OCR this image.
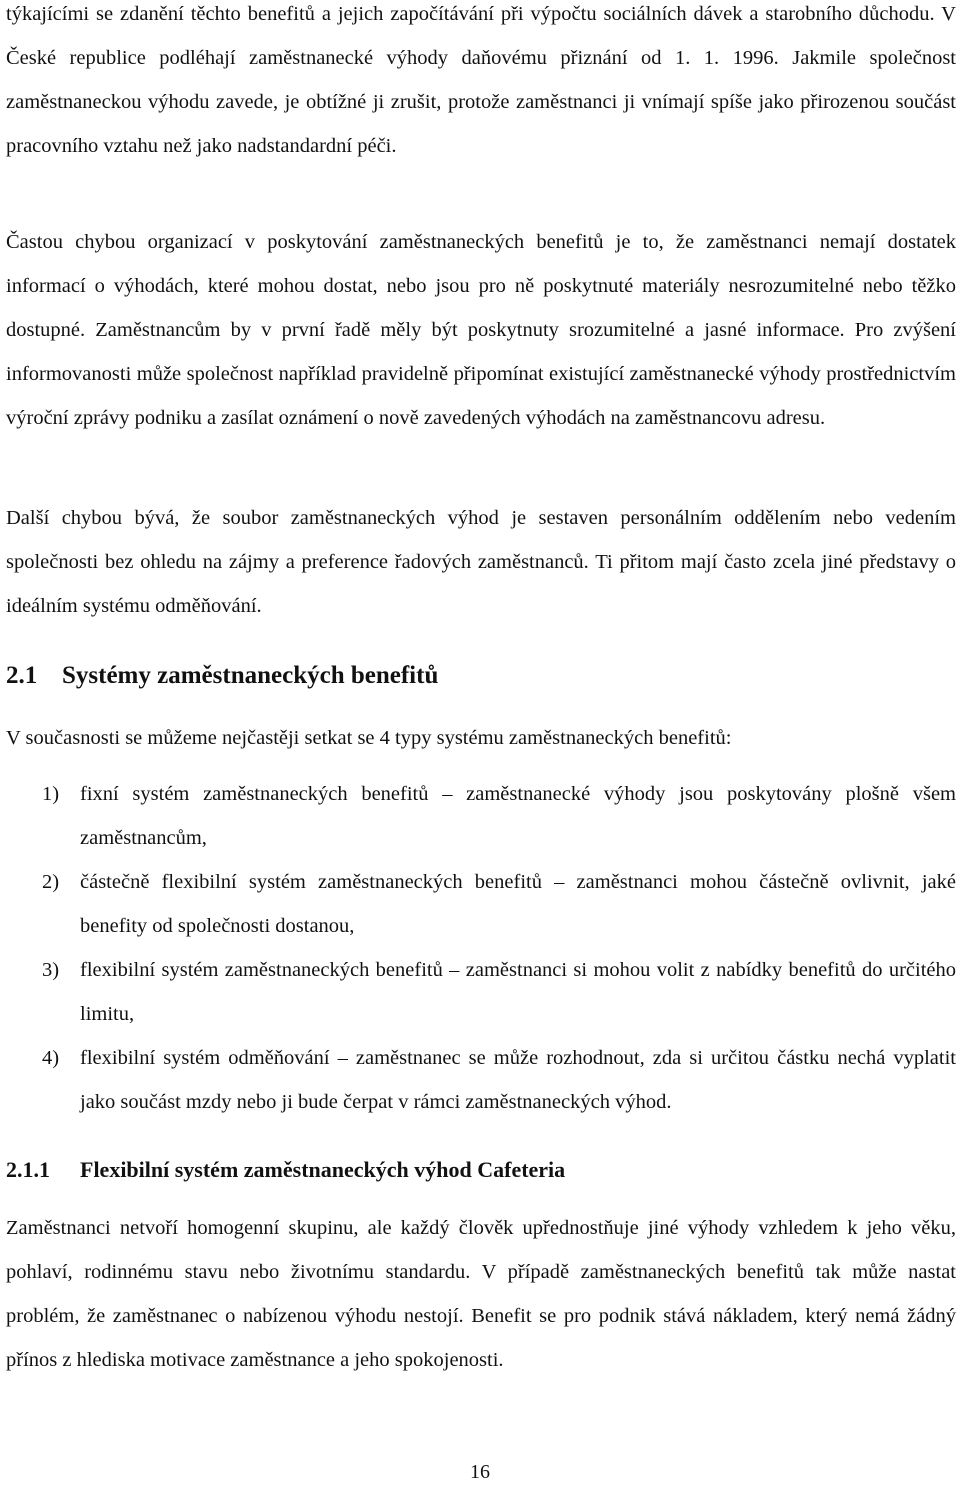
týkajícími se zdanění těchto benefitů a jejich započítávání při výpočtu sociálních dávek a starobního důchodu. V České republice podléhají zaměstnanecké výhody daňovému přiznání od 1. 1. 1996. Jakmile společnost zaměstnaneckou výhodu zavede, je obtížné ji zrušit, protože zaměstnanci ji vnímají spíše jako přirozenou součást pracovního vztahu než jako nadstandardní péči.

Častou chybou organizací v poskytování zaměstnaneckých benefitů je to, že zaměstnanci nemají dostatek informací o výhodách, které mohou dostat, nebo jsou pro ně poskytnuté materiály nesrozumitelné nebo těžko dostupné. Zaměstnancům by v první řadě měly být poskytnuty srozumitelné a jasné informace. Pro zvýšení informovanosti může společnost například pravidelně připomínat existující zaměstnanecké výhody prostřednictvím výroční zprávy podniku a zasílat oznámení o nově zavedených výhodách na zaměstnancovu adresu.

Další chybou bývá, že soubor zaměstnaneckých výhod je sestaven personálním oddělením nebo vedením společnosti bez ohledu na zájmy a preference řadových zaměstnanců. Ti přitom mají často zcela jiné představy o ideálním systému odměňování.

2.1 Systémy zaměstnaneckých benefitů

V současnosti se můžeme nejčastěji setkat se 4 typy systému zaměstnaneckých benefitů:

1) fixní systém zaměstnaneckých benefitů – zaměstnanecké výhody jsou poskytovány plošně všem zaměstnancům,
2) částečně flexibilní systém zaměstnaneckých benefitů – zaměstnanci mohou částečně ovlivnit, jaké benefity od společnosti dostanou,
3) flexibilní systém zaměstnaneckých benefitů – zaměstnanci si mohou volit z nabídky benefitů do určitého limitu,
4) flexibilní systém odměňování – zaměstnanec se může rozhodnout, zda si určitou částku nechá vyplatit jako součást mzdy nebo ji bude čerpat v rámci zaměstnaneckých výhod.
2.1.1 Flexibilní systém zaměstnaneckých výhod Cafeteria

Zaměstnanci netvoří homogenní skupinu, ale každý člověk upřednostňuje jiné výhody vzhledem k jeho věku, pohlaví, rodinnému stavu nebo životnímu standardu. V případě zaměstnaneckých benefitů tak může nastat problém, že zaměstnanec o nabízenou výhodu nestojí. Benefit se pro podnik stává nákladem, který nemá žádný přínos z hlediska motivace zaměstnance a jeho spokojenosti.

16
